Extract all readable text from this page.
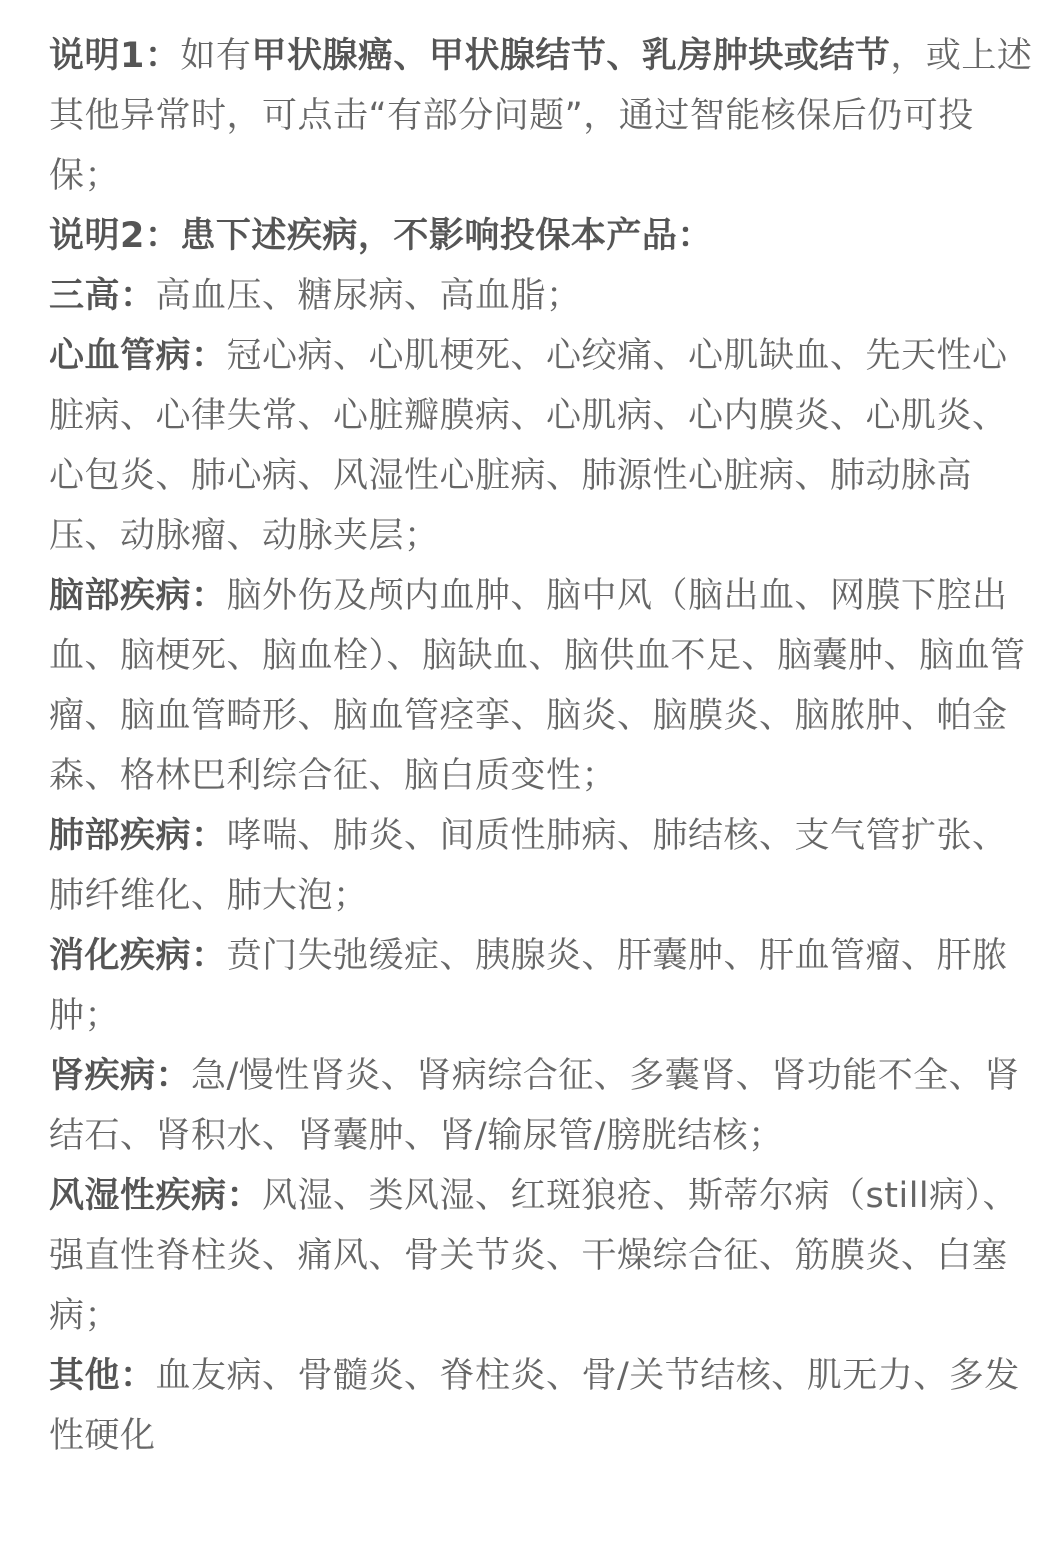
说明1：如有甲状腺癌、甲状腺结节、乳房肿块或结节，或上述其他异常时，可点击“有部分问题”，通过智能核保后仍可投保；

说明2：患下述疾病，不影响投保本产品：

三高：高血压、糖尿病、高血脂；

心血管病：冠心病、心肌梗死、心绞痛、心肌缺血、先天性心脏病、心律失常、心脏瓣膜病、心肌病、心内膜炎、心肌炎、心包炎、肺心病、风湿性心脏病、肺源性心脏病、肺动脉高压、动脉瘤、动脉夹层；

脑部疾病：脑外伤及颅内血肿、脑中风（脑出血、网膜下腔出血、脑梗死、脑血栓）、脑缺血、脑供血不足、脑囊肿、脑血管瘤、脑血管畸形、脑血管痉挛、脑炎、脑膜炎、脑脓肿、帕金森、格林巴利综合征、脑白质变性；

肺部疾病：哮喘、肺炎、间质性肺病、肺结核、支气管扩张、肺纤维化、肺大泡；

消化疾病：贲门失弛缓症、胰腺炎、肝囊肿、肝血管瘤、肝脓肿；

肾疾病：急/慢性肾炎、肾病综合征、多囊肾、肾功能不全、肾结石、肾积水、肾囊肿、肾/输尿管/膀胱结核；

风湿性疾病：风湿、类风湿、红斑狼疮、斯蒂尔病（still病）、强直性脊柱炎、痛风、骨关节炎、干燥综合征、筋膜炎、白塞病；

其他：血友病、骨髓炎、脊柱炎、骨/关节结核、肌无力、多发性硬化
